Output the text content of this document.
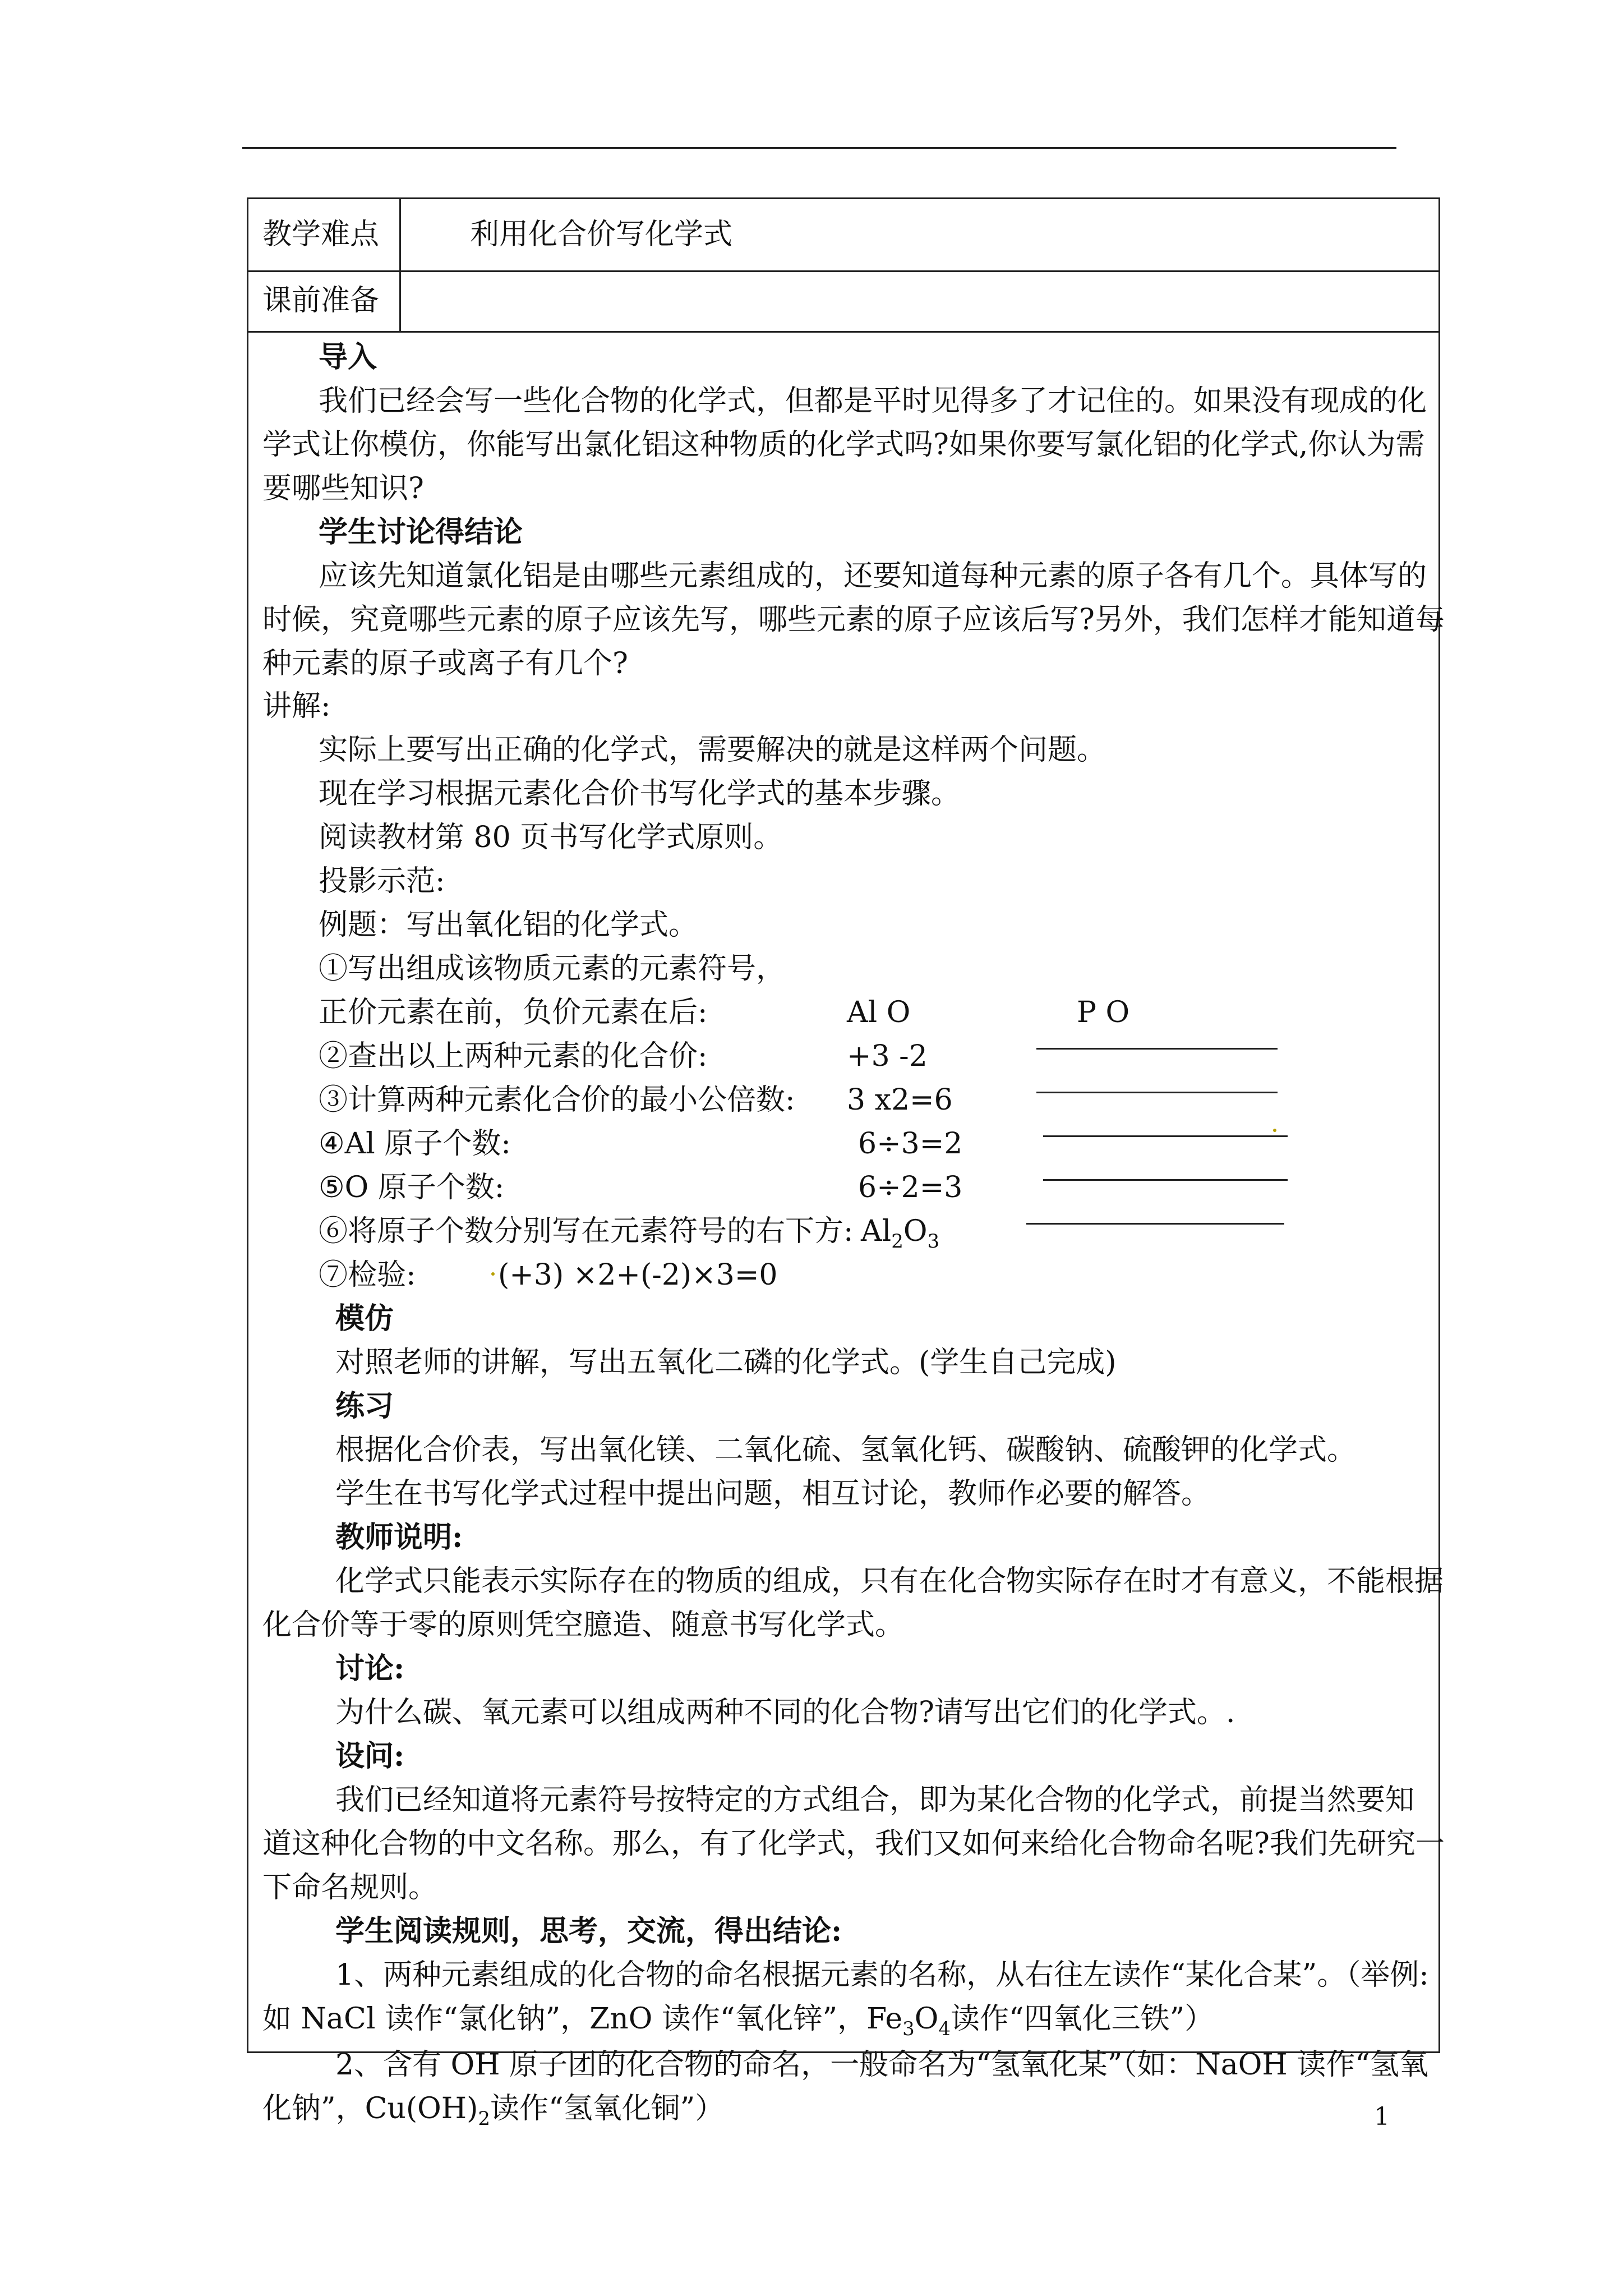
教学难点	利用化合价写化学式
课前准备
导入
我们已经会写一些化合物的化学式，但都是平时见得多了才记住的。如果没有现成的化
学式让你模仿，你能写出氯化铝这种物质的化学式吗?如果你要写氯化铝的化学式,你认为需
要哪些知识?
学生讨论得结论
应该先知道氯化铝是由哪些元素组成的，还要知道每种元素的原子各有几个。具体写的
时候，究竟哪些元素的原子应该先写，哪些元素的原子应该后写?另外，我们怎样才能知道每
种元素的原子或离子有几个?
讲解:
实际上要写出正确的化学式，需要解决的就是这样两个问题。
现在学习根据元素化合价书写化学式的基本步骤。
阅读教材第 80 页书写化学式原则。
投影示范:
例题：写出氧化铝的化学式。
①写出组成该物质元素的元素符号，
正价元素在前，负价元素在后:	Al O	P O
②查出以上两种元素的化合价:	+3 -2
③计算两种元素化合价的最小公倍数: 3 x2=6
④Al 原子个数:	6÷3=2
⑤O 原子个数:	6÷2=3
⑥将原子个数分别写在元素符号的右下方: $Al_2O_3$
⑦检验:	(+3) ×2+(-2)×3=0
模仿
对照老师的讲解，写出五氧化二磷的化学式。(学生自己完成)
练习
根据化合价表，写出氧化镁、二氧化硫、氢氧化钙、碳酸钠、硫酸钾的化学式。
学生在书写化学式过程中提出问题，相互讨论，教师作必要的解答。
教师说明:
化学式只能表示实际存在的物质的组成，只有在化合物实际存在时才有意义，不能根据
化合价等于零的原则凭空臆造、随意书写化学式。
讨论:
为什么碳、氧元素可以组成两种不同的化合物?请写出它们的化学式。.
设问:
我们已经知道将元素符号按特定的方式组合，即为某化合物的化学式，前提当然要知
道这种化合物的中文名称。那么，有了化学式，我们又如何来给化合物命名呢?我们先研究一
下命名规则。
学生阅读规则，思考，交流，得出结论:
1、两种元素组成的化合物的命名根据元素的名称，从右往左读作“某化合某”。（举例:
如 NaCl 读作“氯化钠”，ZnO 读作“氧化锌”，$Fe_3O_4$读作“四氧化三铁”）
2、含有 OH 原子团的化合物的命名，一般命名为“氢氧化某”（如：NaOH 读作“氢氧
化钠”，$Cu(OH)_2$读作“氢氧化铜”）	1
